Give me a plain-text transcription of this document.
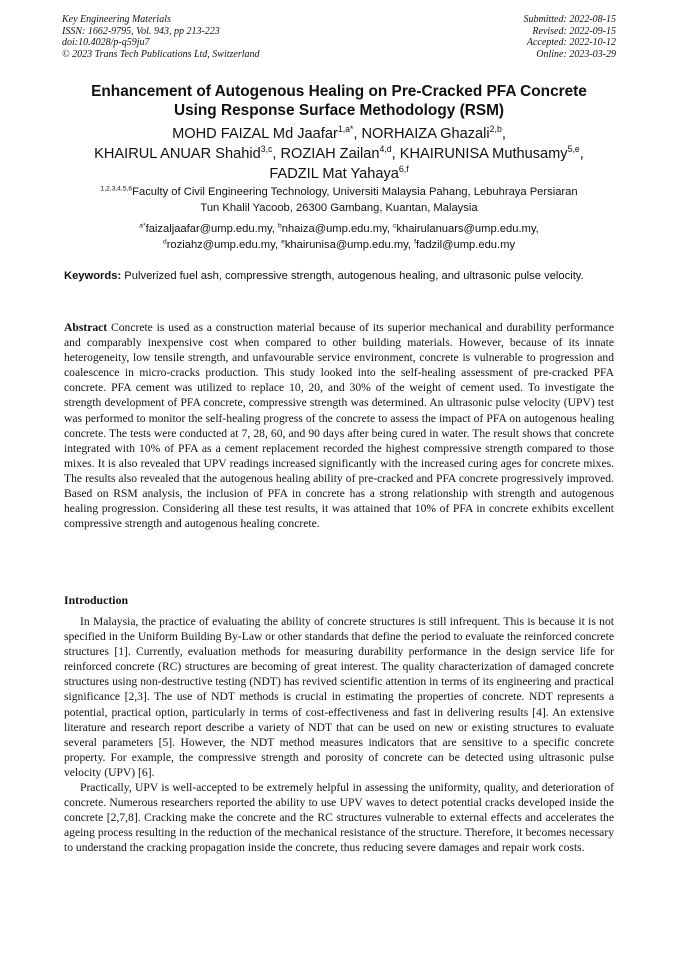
Key Engineering Materials
ISSN: 1662-9795, Vol. 943, pp 213-223
doi:10.4028/p-q59ju7
© 2023 Trans Tech Publications Ltd, Switzerland
Submitted: 2022-08-15
Revised: 2022-09-15
Accepted: 2022-10-12
Online: 2023-03-29
Enhancement of Autogenous Healing on Pre-Cracked PFA Concrete
Using Response Surface Methodology (RSM)
MOHD FAIZAL Md Jaafar$^{1,a*}$, NORHAIZA Ghazali$^{2,b}$,
KHAIRUL ANUAR Shahid$^{3,c}$, ROZIAH Zailan$^{4,d}$, KHAIRUNISA Muthusamy$^{5,e}$,
FADZIL Mat Yahaya$^{6,f}$
$^{1,2,3,4,5,6}$Faculty of Civil Engineering Technology, Universiti Malaysia Pahang, Lebuhraya Persiaran
Tun Khalil Yacoob, 26300 Gambang, Kuantan, Malaysia
$^{a*}$faizaljaafar@ump.edu.my, $^b$nhaiza@ump.edu.my, $^c$khairulanuars@ump.edu.my,
$^d$roziahz@ump.edu.my, $^e$khairunisa@ump.edu.my, $^f$fadzil@ump.edu.my
Keywords: Pulverized fuel ash, compressive strength, autogenous healing, and ultrasonic pulse velocity.
Abstract Concrete is used as a construction material because of its superior mechanical and durability performance and comparably inexpensive cost when compared to other building materials. However, because of its innate heterogeneity, low tensile strength, and unfavourable service environment, concrete is vulnerable to progression and coalescence in micro-cracks production. This study looked into the self-healing assessment of pre-cracked PFA concrete. PFA cement was utilized to replace 10, 20, and 30% of the weight of cement used. To investigate the strength development of PFA concrete, compressive strength was determined. An ultrasonic pulse velocity (UPV) test was performed to monitor the self-healing progress of the concrete to assess the impact of PFA on autogenous healing concrete. The tests were conducted at 7, 28, 60, and 90 days after being cured in water. The result shows that concrete integrated with 10% of PFA as a cement replacement recorded the highest compressive strength compared to those mixes. It is also revealed that UPV readings increased significantly with the increased curing ages for concrete mixes. The results also revealed that the autogenous healing ability of pre-cracked and PFA concrete progressively improved. Based on RSM analysis, the inclusion of PFA in concrete has a strong relationship with strength and autogenous healing progression. Considering all these test results, it was attained that 10% of PFA in concrete exhibits excellent compressive strength and autogenous healing concrete.
Introduction

In Malaysia, the practice of evaluating the ability of concrete structures is still infrequent. This is because it is not specified in the Uniform Building By-Law or other standards that define the period to evaluate the reinforced concrete structures [1]. Currently, evaluation methods for measuring durability performance in the design service life for reinforced concrete (RC) structures are becoming of great interest. The quality characterization of damaged concrete structures using non-destructive testing (NDT) has revived scientific attention in terms of its engineering and practical significance [2,3]. The use of NDT methods is crucial in estimating the properties of concrete. NDT represents a potential, practical option, particularly in terms of cost-effectiveness and fast in delivering results [4]. An extensive literature and research report describe a variety of NDT that can be used on new or existing structures to evaluate several parameters [5]. However, the NDT method measures indicators that are sensitive to a specific concrete property. For example, the compressive strength and porosity of concrete can be detected using ultrasonic pulse velocity (UPV) [6].

Practically, UPV is well-accepted to be extremely helpful in assessing the uniformity, quality, and deterioration of concrete. Numerous researchers reported the ability to use UPV waves to detect potential cracks developed inside the concrete [2,7,8]. Cracking make the concrete and the RC structures vulnerable to external effects and accelerates the ageing process resulting in the reduction of the mechanical resistance of the structure. Therefore, it becomes necessary to understand the cracking propagation inside the concrete, thus reducing severe damages and repair work costs.
